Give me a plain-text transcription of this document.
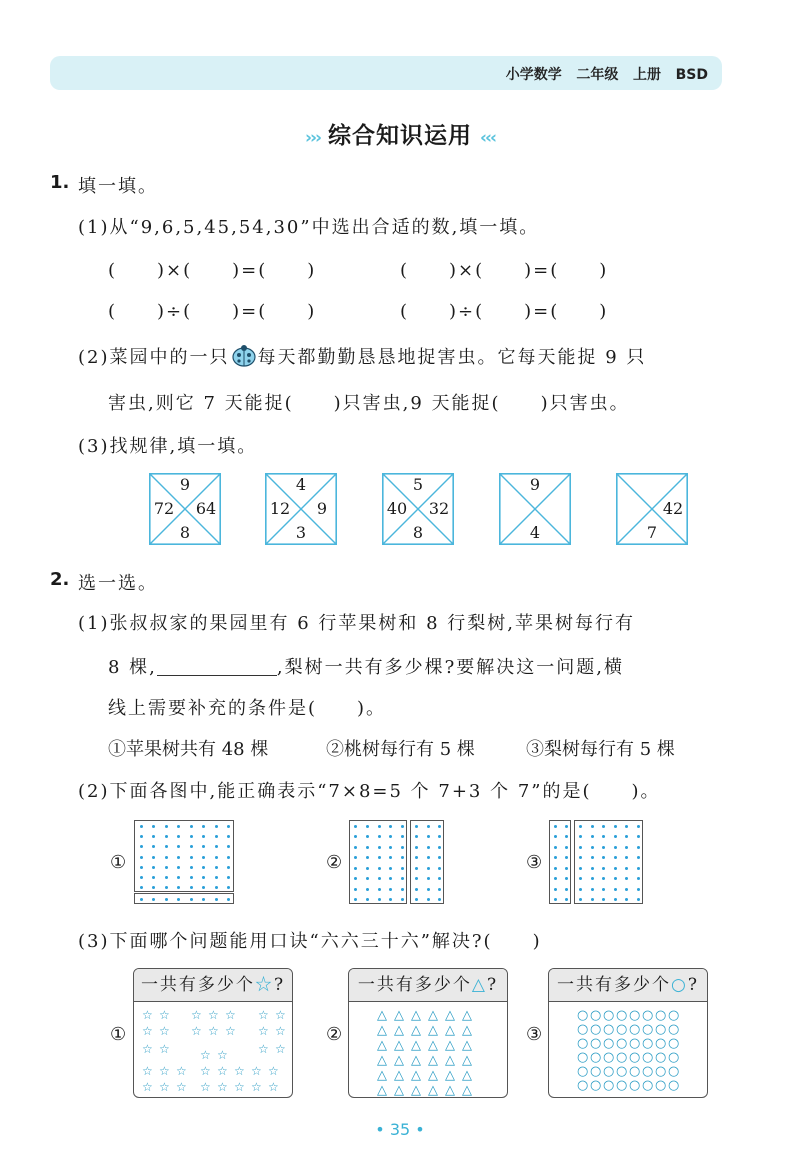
小学数学   二年级   上册   BSD
››› 综合知识运用 ‹‹‹
1. 填一填。
(1)从“9,6,5,45,54,30”中选出合适的数,填一填。
(　　)×(　　)=(　　)	(　　)×(　　)=(　　)
(　　)÷(　　)=(　　)	(　　)÷(　　)=(　　)
(2)菜园中的一只 每天都勤勤恳恳地捉害虫。它每天能捉 9 只
害虫,则它 7 天能捉(　　)只害虫,9 天能捉(　　)只害虫。
(3)找规律,填一填。
9
72	64
8
4
12	9
3
5
40	32
8
9
4
42
7
2. 选一选。
(1)张叔叔家的果园里有 6 行苹果树和 8 行梨树,苹果树每行有
8 棵,	,梨树一共有多少棵?要解决这一问题,横
线上需要补充的条件是(　　)。
①苹果树共有 48 棵	②桃树每行有 5 棵	③梨树每行有 5 棵
(2)下面各图中,能正确表示“7×8=5 个 7+3 个 7”的是(　　)。
①	②	③
(3)下面哪个问题能用口诀“六六三十六”解决?(　　)
①	②	③
一共有多少个☆?
☆ ☆ ☆ ☆ ☆ ☆ ☆
☆ ☆ ☆ ☆ ☆ ☆ ☆
☆ ☆	☆ ☆	☆ ☆
☆ ☆ ☆ ☆ ☆ ☆ ☆ ☆
☆ ☆ ☆ ☆ ☆ ☆ ☆ ☆
一共有多少个△?
△ △ △ △ △ △
△ △ △ △ △ △
△ △ △ △ △ △
△ △ △ △ △ △
△ △ △ △ △ △
△ △ △ △ △ △
一共有多少个○?
○ ○ ○ ○ ○ ○ ○ ○
○ ○ ○ ○ ○ ○ ○ ○
○ ○ ○ ○ ○ ○ ○ ○
○ ○ ○ ○ ○ ○ ○ ○
○ ○ ○ ○ ○ ○ ○ ○
○ ○ ○ ○ ○ ○ ○ ○
• 35 •
